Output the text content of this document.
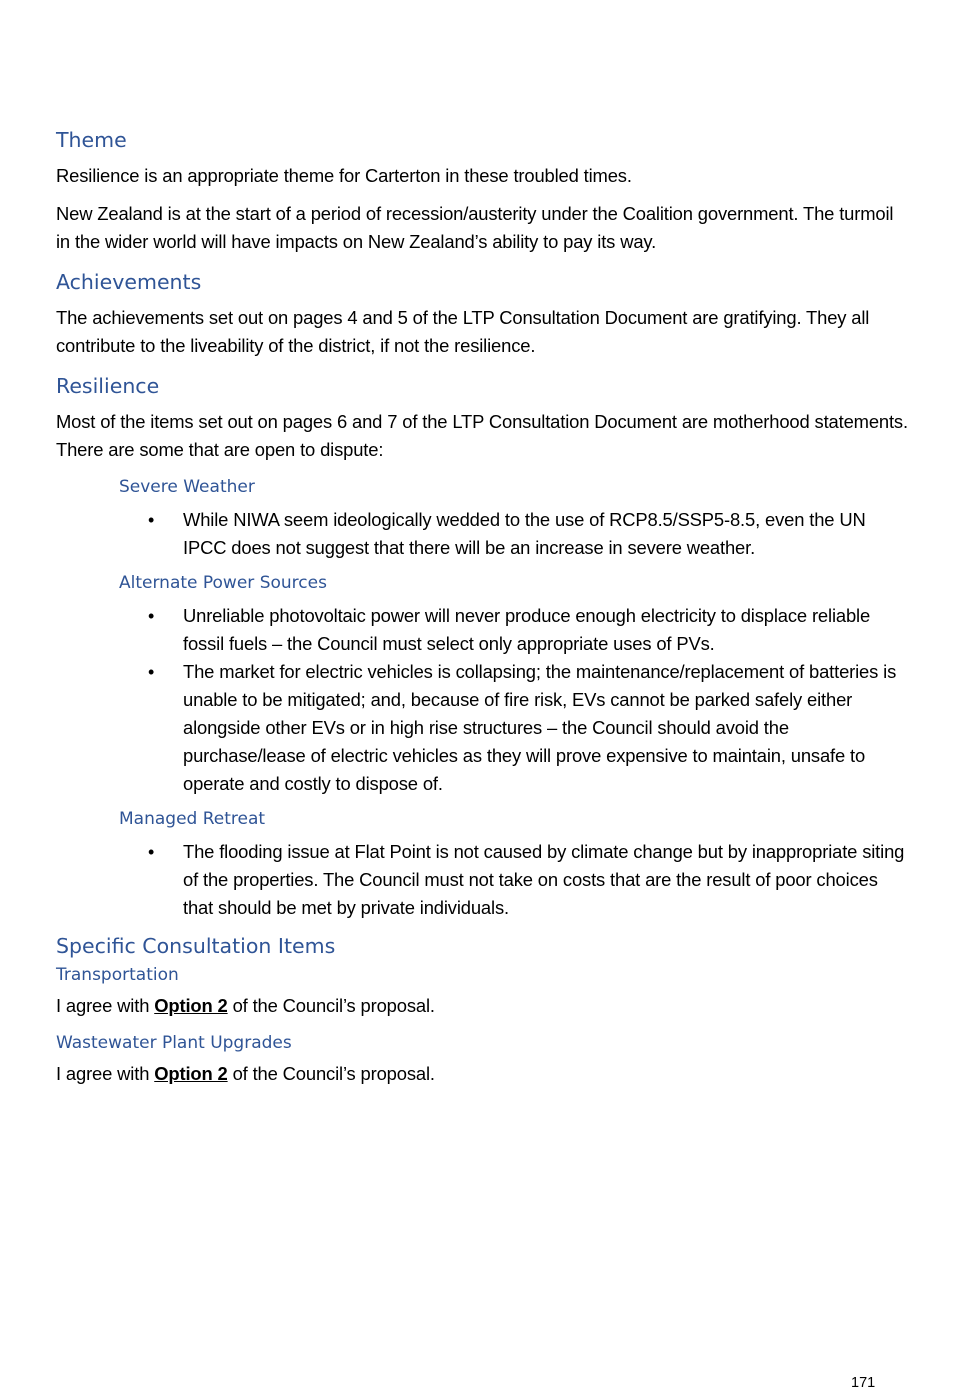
Theme

Resilience is an appropriate theme for Carterton in these troubled times.

New Zealand is at the start of a period of recession/austerity under the Coalition government. The turmoil in the wider world will have impacts on New Zealand’s ability to pay its way.

Achievements

The achievements set out on pages 4 and 5 of the LTP Consultation Document are gratifying. They all contribute to the liveability of the district, if not the resilience.

Resilience

Most of the items set out on pages 6 and 7 of the LTP Consultation Document are motherhood statements. There are some that are open to dispute:

Severe Weather
• While NIWA seem ideologically wedded to the use of RCP8.5/SSP5-8.5, even the UN IPCC does not suggest that there will be an increase in severe weather.
Alternate Power Sources
• Unreliable photovoltaic power will never produce enough electricity to displace reliable fossil fuels – the Council must select only appropriate uses of PVs.
• The market for electric vehicles is collapsing; the maintenance/replacement of batteries is unable to be mitigated; and, because of fire risk, EVs cannot be parked safely either alongside other EVs or in high rise structures – the Council should avoid the purchase/lease of electric vehicles as they will prove expensive to maintain, unsafe to operate and costly to dispose of.
Managed Retreat
• The flooding issue at Flat Point is not caused by climate change but by inappropriate siting of the properties. The Council must not take on costs that are the result of poor choices that should be met by private individuals.
Specific Consultation Items
Transportation

I agree with Option 2 of the Council’s proposal.

Wastewater Plant Upgrades

I agree with Option 2 of the Council’s proposal.

171
